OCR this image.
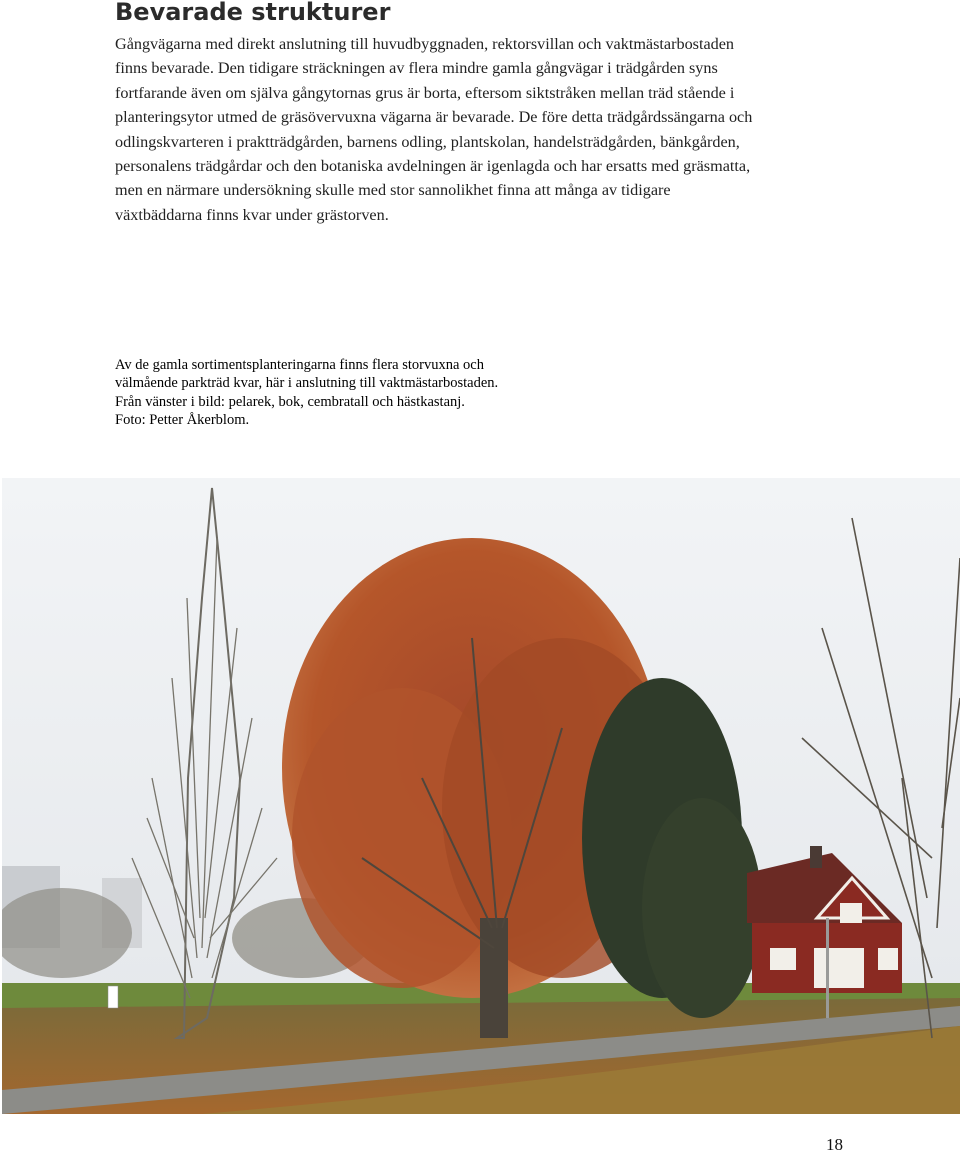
Bevarade strukturer

Gångvägarna med direkt anslutning till huvudbyggnaden, rektorsvillan och vaktmästarbostaden finns bevarade. Den tidigare sträckningen av flera mindre gamla gångvägar i trädgården syns fortfarande även om själva gångytornas grus är borta, eftersom siktstråken mellan träd stående i planteringsytor utmed de gräsövervuxna vägarna är bevarade. De före detta trädgårdssängarna och odlingskvarteren i praktträdgården, barnens odling, plantskolan, handelsträdgården, bänkgården, personalens trädgårdar och den botaniska avdelningen är igenlagda och har ersatts med gräsmatta, men en närmare undersökning skulle med stor sannolikhet finna att många av tidigare växtbäddarna finns kvar under grästorven.

Av de gamla sortimentsplanteringarna finns flera storvuxna och
välmående parkträd kvar, här i anslutning till vaktmästarbostaden.
Från vänster i bild: pelarek, bok, cembratall och hästkastanj.
Foto: Petter Åkerblom.
18
